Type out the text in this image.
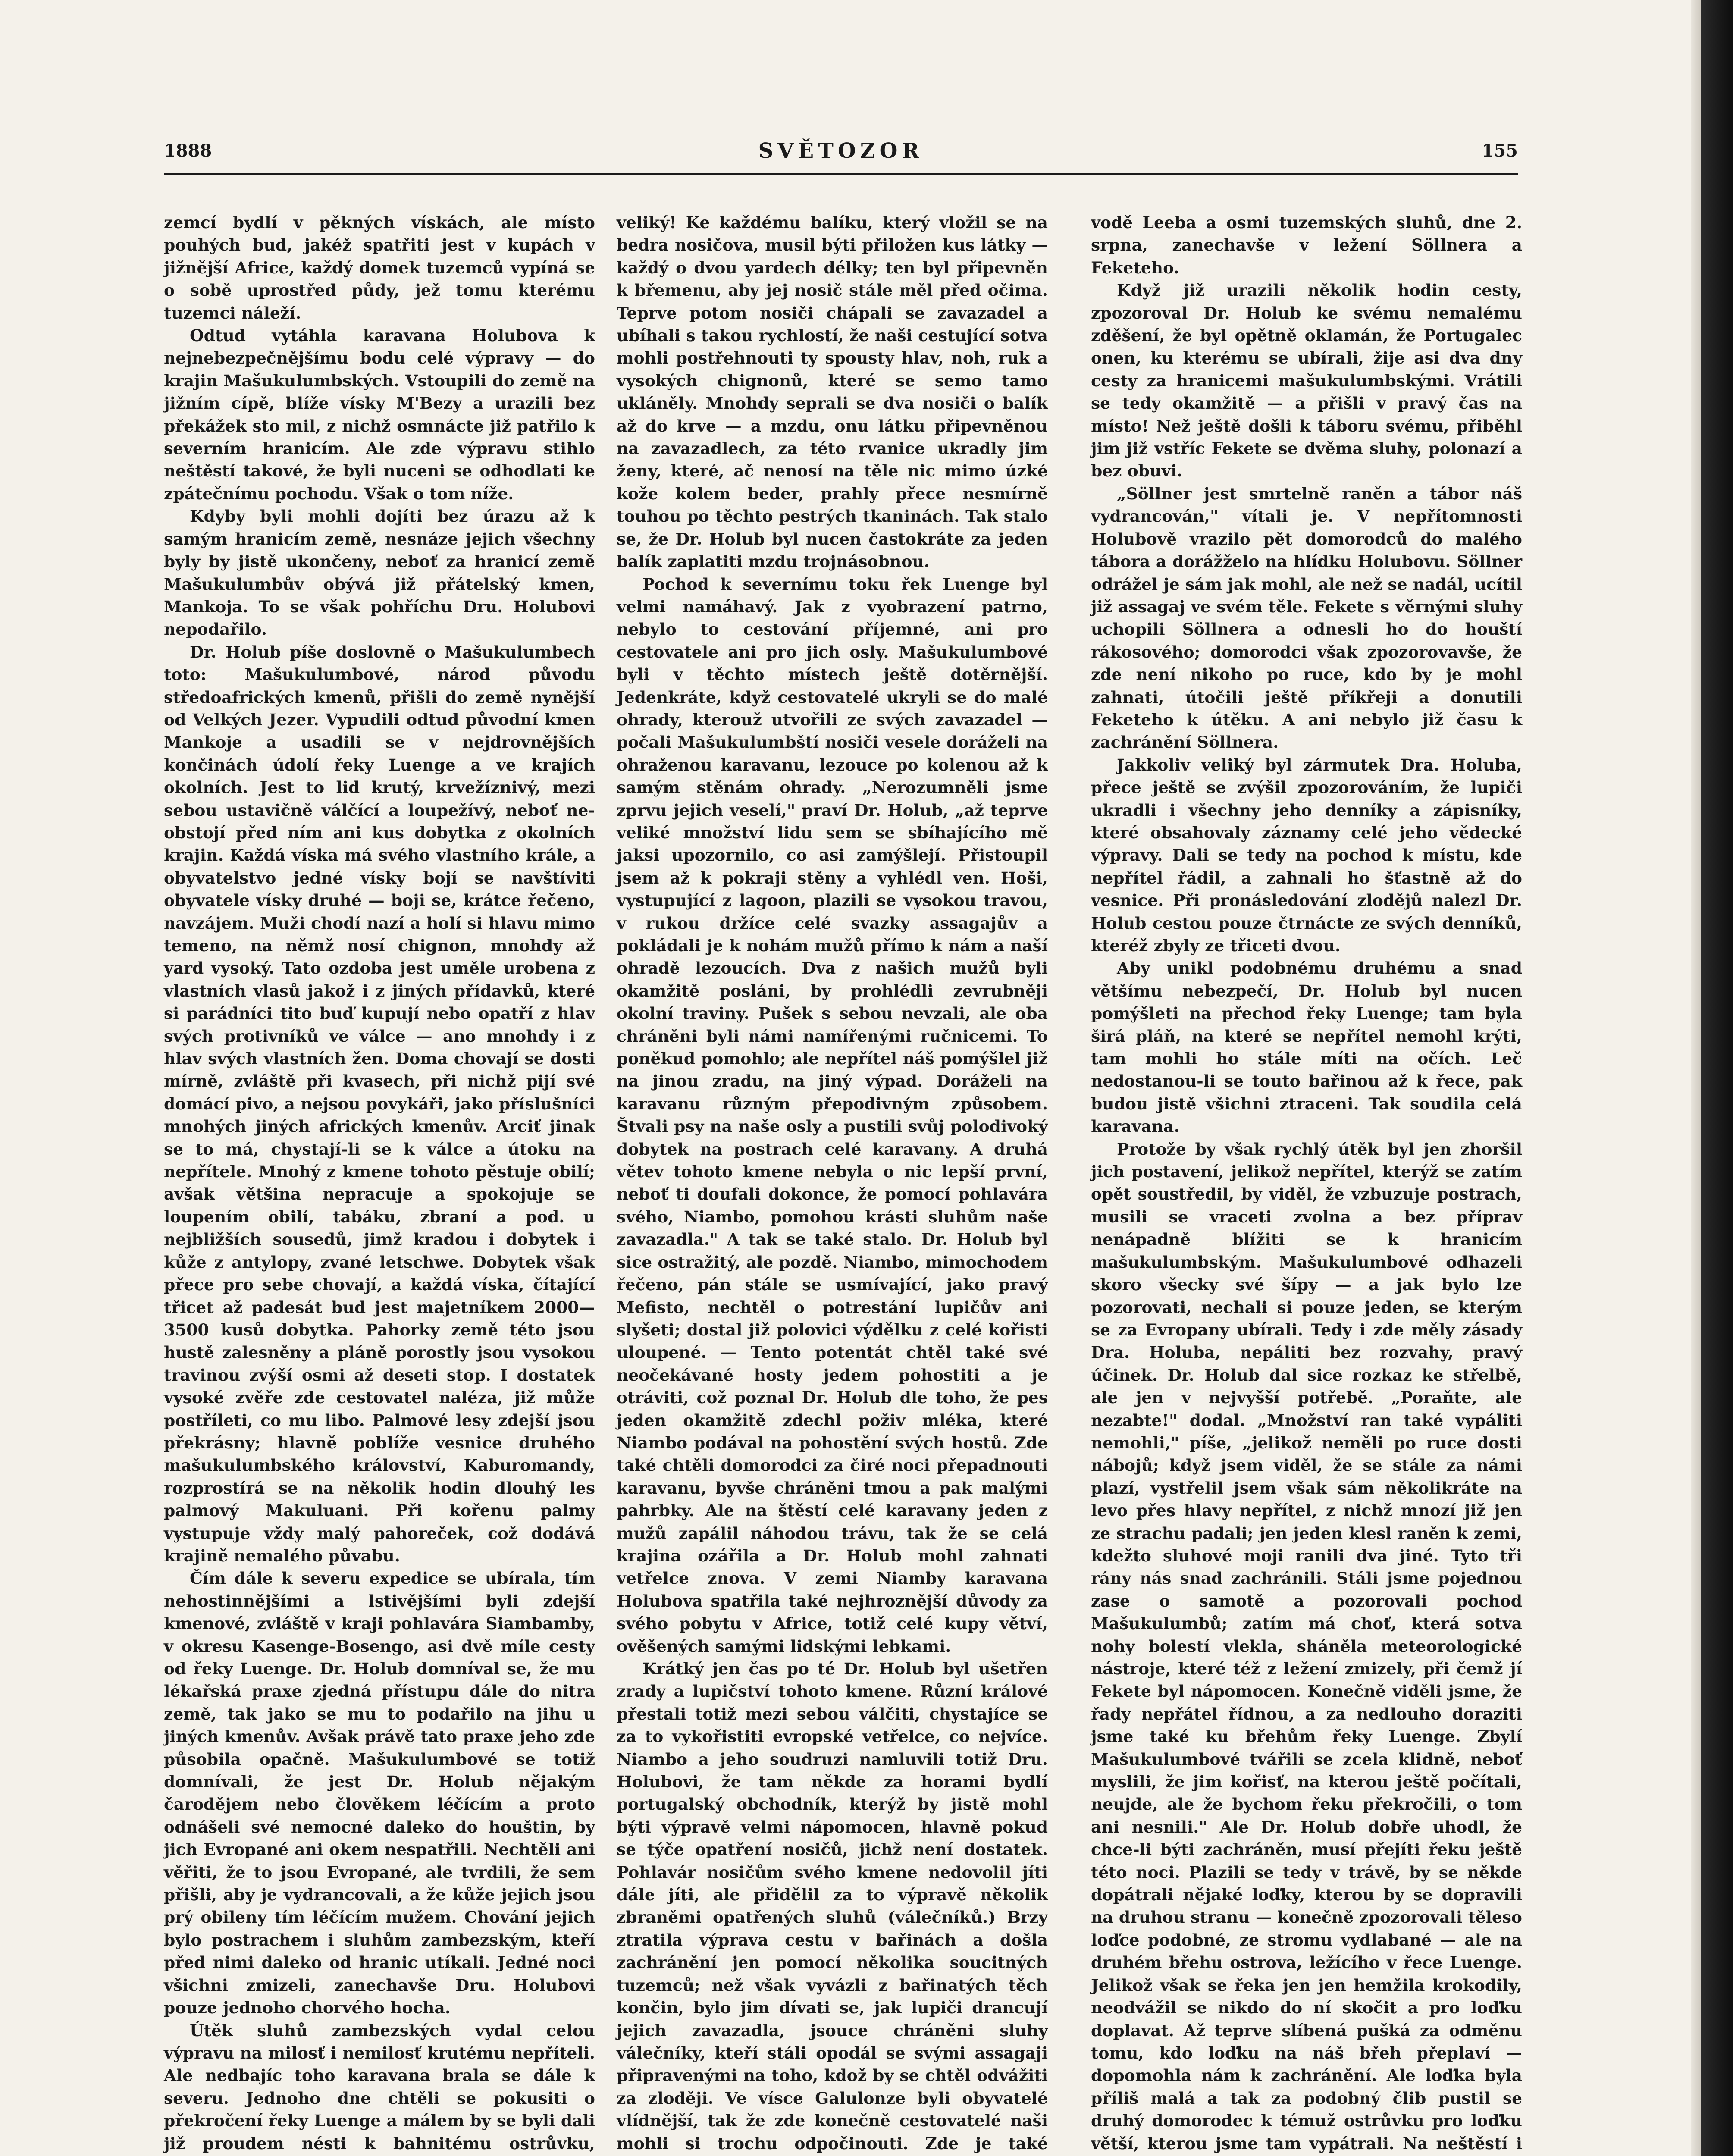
1888	SVĚTOZOR	155

zemcí bydlí v pěkných vískách, ale místo pouhých bud, jakéž spatřiti jest v kupách v jižnější Africe, každý domek tuzemců vypíná se o sobě uprostřed půdy, jež tomu kterému tuzemci náleží.

Odtud vytáhla karavana Holubova k nejnebezpečnějšímu bodu celé výpravy — do krajin Mašukulumbských. Vstoupili do země na jižním cípě, blíže vísky M'Bezy a urazili bez překážek sto mil, z nichž osmnácte již patřilo k severním hranicím. Ale zde výpravu stihlo neštěstí takové, že byli nuceni se odhodlati ke zpátečnímu pochodu. Však o tom níže.

Kdyby byli mohli dojíti bez úrazu až k samým hranicím země, nesnáze jejich všechny byly by jistě ukončeny, neboť za hranicí země Mašukulumbův obývá již přátelský kmen, Mankoja. To se však pohříchu Dru. Holubovi nepodařilo.

Dr. Holub píše doslovně o Mašukulumbech toto: Mašukulumbové, národ původu středoafrických kmenů, přišli do země nynější od Velkých Jezer. Vypudili odtud původní kmen Mankoje a usadili se v nejdrovnějších končinách údolí řeky Luenge a ve krajích okolních. Jest to lid krutý, krvežíznivý, mezi sebou ustavičně válčící a loupežívý, neboť ne-obstojí před ním ani kus dobytka z okolních krajin. Každá víska má svého vlastního krále, a obyvatelstvo jedné vísky bojí se navštíviti obyvatele vísky druhé — boji se, krátce řečeno, navzájem. Muži chodí nazí a holí si hlavu mimo temeno, na němž nosí chignon, mnohdy až yard vysoký. Tato ozdoba jest uměle urobena z vlastních vlasů jakož i z jiných přídavků, které si parádníci tito buď kupují nebo opatří z hlav svých protivníků ve válce — ano mnohdy i z hlav svých vlastních žen. Doma chovají se dosti mírně, zvláště při kvasech, při nichž pijí své domácí pivo, a nejsou povykáři, jako příslušníci mnohých jiných afrických kmenův. Arciť jinak se to má, chystají-li se k válce a útoku na nepřítele. Mnohý z kmene tohoto pěstuje obilí; avšak většina nepracuje a spokojuje se loupením obilí, tabáku, zbraní a pod. u nejbližších sousedů, jimž kradou i dobytek i kůže z antylopy, zvané letschwe. Dobytek však přece pro sebe chovají, a každá víska, čítající třicet až padesát bud jest majetníkem 2000—3500 kusů dobytka. Pahorky země této jsou hustě zalesněny a pláně porostly jsou vysokou travinou zvýší osmi až deseti stop. I dostatek vysoké zvěře zde cestovatel naléza, již může postříleti, co mu libo. Palmové lesy zdejší jsou překrásny; hlavně poblíže vesnice druhého mašukulumbského království, Kaburomandy, rozprostírá se na několik hodin dlouhý les palmový Makuluani. Při kořenu palmy vystupuje vždy malý pahoreček, což dodává krajině nemalého půvabu.

Čím dále k severu expedice se ubírala, tím nehostinnějšími a lstivějšími byli zdejší kmenové, zvláště v kraji pohlavára Siambamby, v okresu Kasenge-Bosengo, asi dvě míle cesty od řeky Luenge. Dr. Holub domníval se, že mu lékařská praxe zjedná přístupu dále do nitra země, tak jako se mu to podařilo na jihu u jiných kmenův. Avšak právě tato praxe jeho zde působila opačně. Mašukulumbové se totiž domnívali, že jest Dr. Holub nějakým čarodějem nebo člověkem léčícím a proto odnášeli své nemocné daleko do houštin, by jich Evropané ani okem nespatřili. Nechtěli ani věřiti, že to jsou Evropané, ale tvrdili, že sem přišli, aby je vydrancovali, a že kůže jejich jsou prý obileny tím léčícím mužem. Chování jejich bylo postrachem i sluhům zambezským, kteří před nimi daleko od hranic utíkali. Jedné noci všichni zmizeli, zanechavše Dru. Holubovi pouze jednoho chorvého hocha.

Útěk sluhů zambezských vydal celou výpravu na milosť i nemilosť krutému nepříteli. Ale nedbajíc toho karavana brala se dále k severu. Jednoho dne chtěli se pokusiti o překročení řeky Luenge a málem by se byli dali již proudem nésti k bahnitému ostrůvku,

veliký! Ke každému balíku, který vložil se na bedra nosičova, musil býti přiložen kus látky — každý o dvou yardech délky; ten byl připevněn k břemenu, aby jej nosič stále měl před očima. Teprve potom nosiči chápali se zavazadel a ubíhali s takou rychlostí, že naši cestující sotva mohli postřehnouti ty spousty hlav, noh, ruk a vysokých chignonů, které se semo tamo ukláněly. Mnohdy seprali se dva nosiči o balík až do krve — a mzdu, onu látku připevněnou na zavazadlech, za této rvanice ukradly jim ženy, které, ač nenosí na těle nic mimo úzké kože kolem beder, prahly přece nesmírně touhou po těchto pestrých tkaninách. Tak stalo se, že Dr. Holub byl nucen častokráte za jeden balík zaplatiti mzdu trojnásobnou.

Pochod k severnímu toku řek Luenge byl velmi namáhavý. Jak z vyobrazení patrno, nebylo to cestování příjemné, ani pro cestovatele ani pro jich osly. Mašukulumbové byli v těchto místech ještě dotěrnější. Jedenkráte, když cestovatelé ukryli se do malé ohrady, kterouž utvořili ze svých zavazadel — počali Mašukulumbští nosiči vesele doráželi na ohraženou karavanu, lezouce po kolenou až k samým stěnám ohrady. „Nerozumněli jsme zprvu jejich veselí," praví Dr. Holub, „až teprve veliké množství lidu sem se sbíhajícího mě jaksi upozornilo, co asi zamýšlejí. Přistoupil jsem až k pokraji stěny a vyhlédl ven. Hoši, vystupující z lagoon, plazili se vysokou travou, v rukou držíce celé svazky assagajův a pokládali je k nohám mužů přímo k nám a naší ohradě lezoucích. Dva z našich mužů byli okamžitě posláni, by prohlédli zevrubněji okolní traviny. Pušek s sebou nevzali, ale oba chráněni byli námi namířenými ručnicemi. To poněkud pomohlo; ale nepřítel náš pomýšlel již na jinou zradu, na jiný výpad. Doráželi na karavanu různým přepodivným způsobem. Štvali psy na naše osly a pustili svůj polodivoký dobytek na postrach celé karavany. A druhá větev tohoto kmene nebyla o nic lepší první, neboť ti doufali dokonce, že pomocí pohlavára svého, Niambo, pomohou krásti sluhům naše zavazadla." A tak se také stalo. Dr. Holub byl sice ostražitý, ale pozdě. Niambo, mimochodem řečeno, pán stále se usmívající, jako pravý Mefisto, nechtěl o potrestání lupičův ani slyšeti; dostal již polovici výdělku z celé kořisti uloupené. — Tento potentát chtěl také své neočekávané hosty jedem pohostiti a je otráviti, což poznal Dr. Holub dle toho, že pes jeden okamžitě zdechl poživ mléka, které Niambo podával na pohostění svých hostů. Zde také chtěli domorodci za čiré noci přepadnouti karavanu, byvše chráněni tmou a pak malými pahrbky. Ale na štěstí celé karavany jeden z mužů zapálil náhodou trávu, tak že se celá krajina ozářila a Dr. Holub mohl zahnati vetřelce znova. V zemi Niamby karavana Holubova spatřila také nejhroznější důvody za svého pobytu v Africe, totiž celé kupy větví, ověšených samými lidskými lebkami.

Krátký jen čas po té Dr. Holub byl ušetřen zrady a lupičství tohoto kmene. Různí králové přestali totiž mezi sebou válčiti, chystajíce se za to vykořistiti evropské vetřelce, co nejvíce. Niambo a jeho soudruzi namluvili totiž Dru. Holubovi, že tam někde za horami bydlí portugalský obchodník, kterýž by jistě mohl býti výpravě velmi nápomocen, hlavně pokud se týče opatření nosičů, jichž není dostatek. Pohlavár nosičům svého kmene nedovolil jíti dále jíti, ale přidělil za to výpravě několik zbraněmi opatřených sluhů (válečníků.) Brzy ztratila výprava cestu v bařinách a došla zachránění jen pomocí několika soucitných tuzemců; než však vyvázli z bařinatých těch končin, bylo jim dívati se, jak lupiči drancují jejich zavazadla, jsouce chráněni sluhy válečníky, kteří stáli opodál se svými assagaji připravenými na toho, kdož by se chtěl odvážiti za zloději. Ve vísce Galulonze byli obyvatelé vlídnější, tak že zde konečně cestovatelé naši mohli si trochu odpočinouti. Zde je také

vodě Leeba a osmi tuzemských sluhů, dne 2. srpna, zanechavše v ležení Söllnera a Feketeho.

Když již urazili několik hodin cesty, zpozoroval Dr. Holub ke svému nemalému zděšení, že byl opětně oklamán, že Portugalec onen, ku kterému se ubírali, žije asi dva dny cesty za hranicemi mašukulumbskými. Vrátili se tedy okamžitě — a přišli v pravý čas na místo! Než ještě došli k táboru svému, přiběhl jim již vstříc Fekete se dvěma sluhy, polonazí a bez obuvi.

„Söllner jest smrtelně raněn a tábor náš vydrancován," vítali je. V nepřítomnosti Holubově vrazilo pět domorodců do malého tábora a dorážželo na hlídku Holubovu. Söllner odrážel je sám jak mohl, ale než se nadál, ucítil již assagaj ve svém těle. Fekete s věrnými sluhy uchopili Söllnera a odnesli ho do houští rákosového; domorodci však zpozorovavše, že zde není nikoho po ruce, kdo by je mohl zahnati, útočili ještě příkřeji a donutili Feketeho k útěku. A ani nebylo již času k zachránění Söllnera.

Jakkoliv veliký byl zármutek Dra. Holuba, přece ještě se zvýšil zpozorováním, že lupiči ukradli i všechny jeho denníky a zápisníky, které obsahovaly záznamy celé jeho vědecké výpravy. Dali se tedy na pochod k místu, kde nepřítel řádil, a zahnali ho šťastně až do vesnice. Při pronásledování zlodějů nalezl Dr. Holub cestou pouze čtrnácte ze svých denníků, kteréž zbyly ze třiceti dvou.

Aby unikl podobnému druhému a snad většímu nebezpečí, Dr. Holub byl nucen pomýšleti na přechod řeky Luenge; tam byla širá pláň, na které se nepřítel nemohl krýti, tam mohli ho stále míti na očích. Leč nedostanou-li se touto bařinou až k řece, pak budou jistě všichni ztraceni. Tak soudila celá karavana.

Protože by však rychlý útěk byl jen zhoršil jich postavení, jelikož nepřítel, kterýž se zatím opět soustředil, by viděl, že vzbuzuje postrach, musili se vraceti zvolna a bez příprav nenápadně blížiti se k hranicím mašukulumbským. Mašukulumbové odhazeli skoro všecky své šípy — a jak bylo lze pozorovati, nechali si pouze jeden, se kterým se za Evropany ubírali. Tedy i zde měly zásady Dra. Holuba, nepáliti bez rozvahy, pravý účinek. Dr. Holub dal sice rozkaz ke střelbě, ale jen v nejvyšší potřebě. „Poraňte, ale nezabte!" dodal. „Množství ran také vypáliti nemohli," píše, „jelikož neměli po ruce dosti nábojů; když jsem viděl, že se stále za námi plazí, vystřelil jsem však sám několikráte na levo přes hlavy nepřítel, z nichž mnozí již jen ze strachu padali; jen jeden klesl raněn k zemi, kdežto sluhové moji ranili dva jiné. Tyto tři rány nás snad zachránili. Stáli jsme pojednou zase o samotě a pozorovali pochod Mašukulumbů; zatím má choť, která sotva nohy bolestí vlekla, sháněla meteorologické nástroje, které též z ležení zmizely, při čemž jí Fekete byl nápomocen. Konečně viděli jsme, že řady nepřátel řídnou, a za nedlouho doraziti jsme také ku břehům řeky Luenge. Zbylí Mašukulumbové tvářili se zcela klidně, neboť myslili, že jim kořisť, na kterou ještě počítali, neujde, ale že bychom řeku překročili, o tom ani nesnili." Ale Dr. Holub dobře uhodl, že chce-li býti zachráněn, musí přejíti řeku ještě této noci. Plazili se tedy v trávě, by se někde dopátrali nějaké loďky, kterou by se dopravili na druhou stranu — konečně zpozorovali těleso loďce podobné, ze stromu vydlabané — ale na druhém břehu ostrova, ležícího v řece Luenge. Jelikož však se řeka jen jen hemžila krokodily, neodvážil se nikdo do ní skočit a pro loďku doplavat. Až teprve slíbená pušká za odměnu tomu, kdo loďku na náš břeh přeplaví — dopomohla nám k zachránění. Ale loďka byla příliš malá a tak za podobný člib pustil se druhý domorodec k témuž ostrůvku pro loďku větší, kterou jsme tam vypátrali. Na neštěstí i
